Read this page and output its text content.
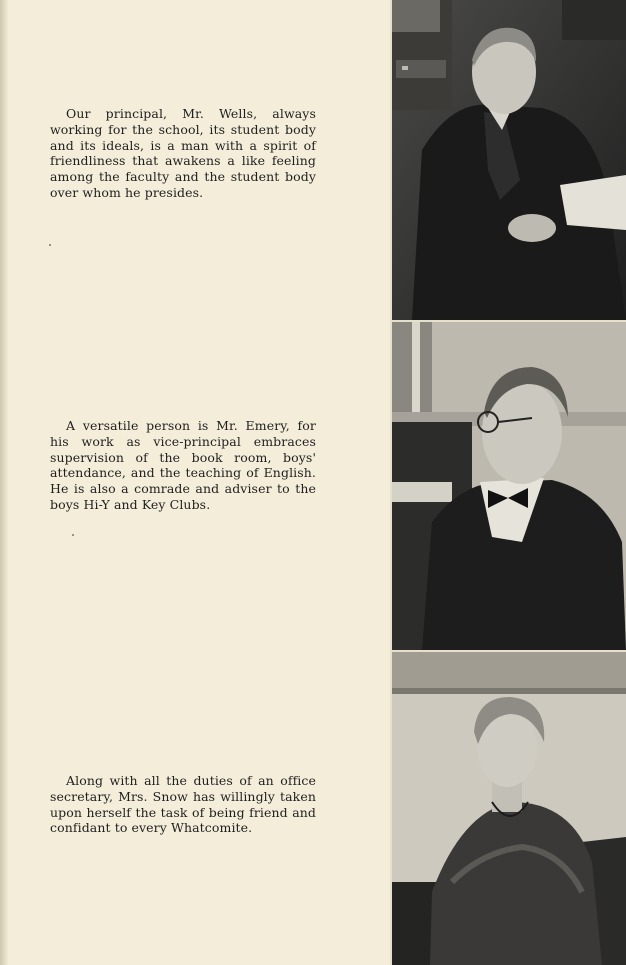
Our principal, Mr. Wells, always working for the school, its student body and its ideals, is a man with a spirit of friendliness that awakens a like feeling among the faculty and the student body over whom he presides.

A versatile person is Mr. Emery, for his work as vice-principal embraces supervision of the book room, boys' attendance, and the teaching of English. He is also a comrade and adviser to the boys Hi-Y and Key Clubs.

Along with all the duties of an office secretary, Mrs. Snow has willingly taken upon herself the task of being friend and confidant to every Whatcomite.
